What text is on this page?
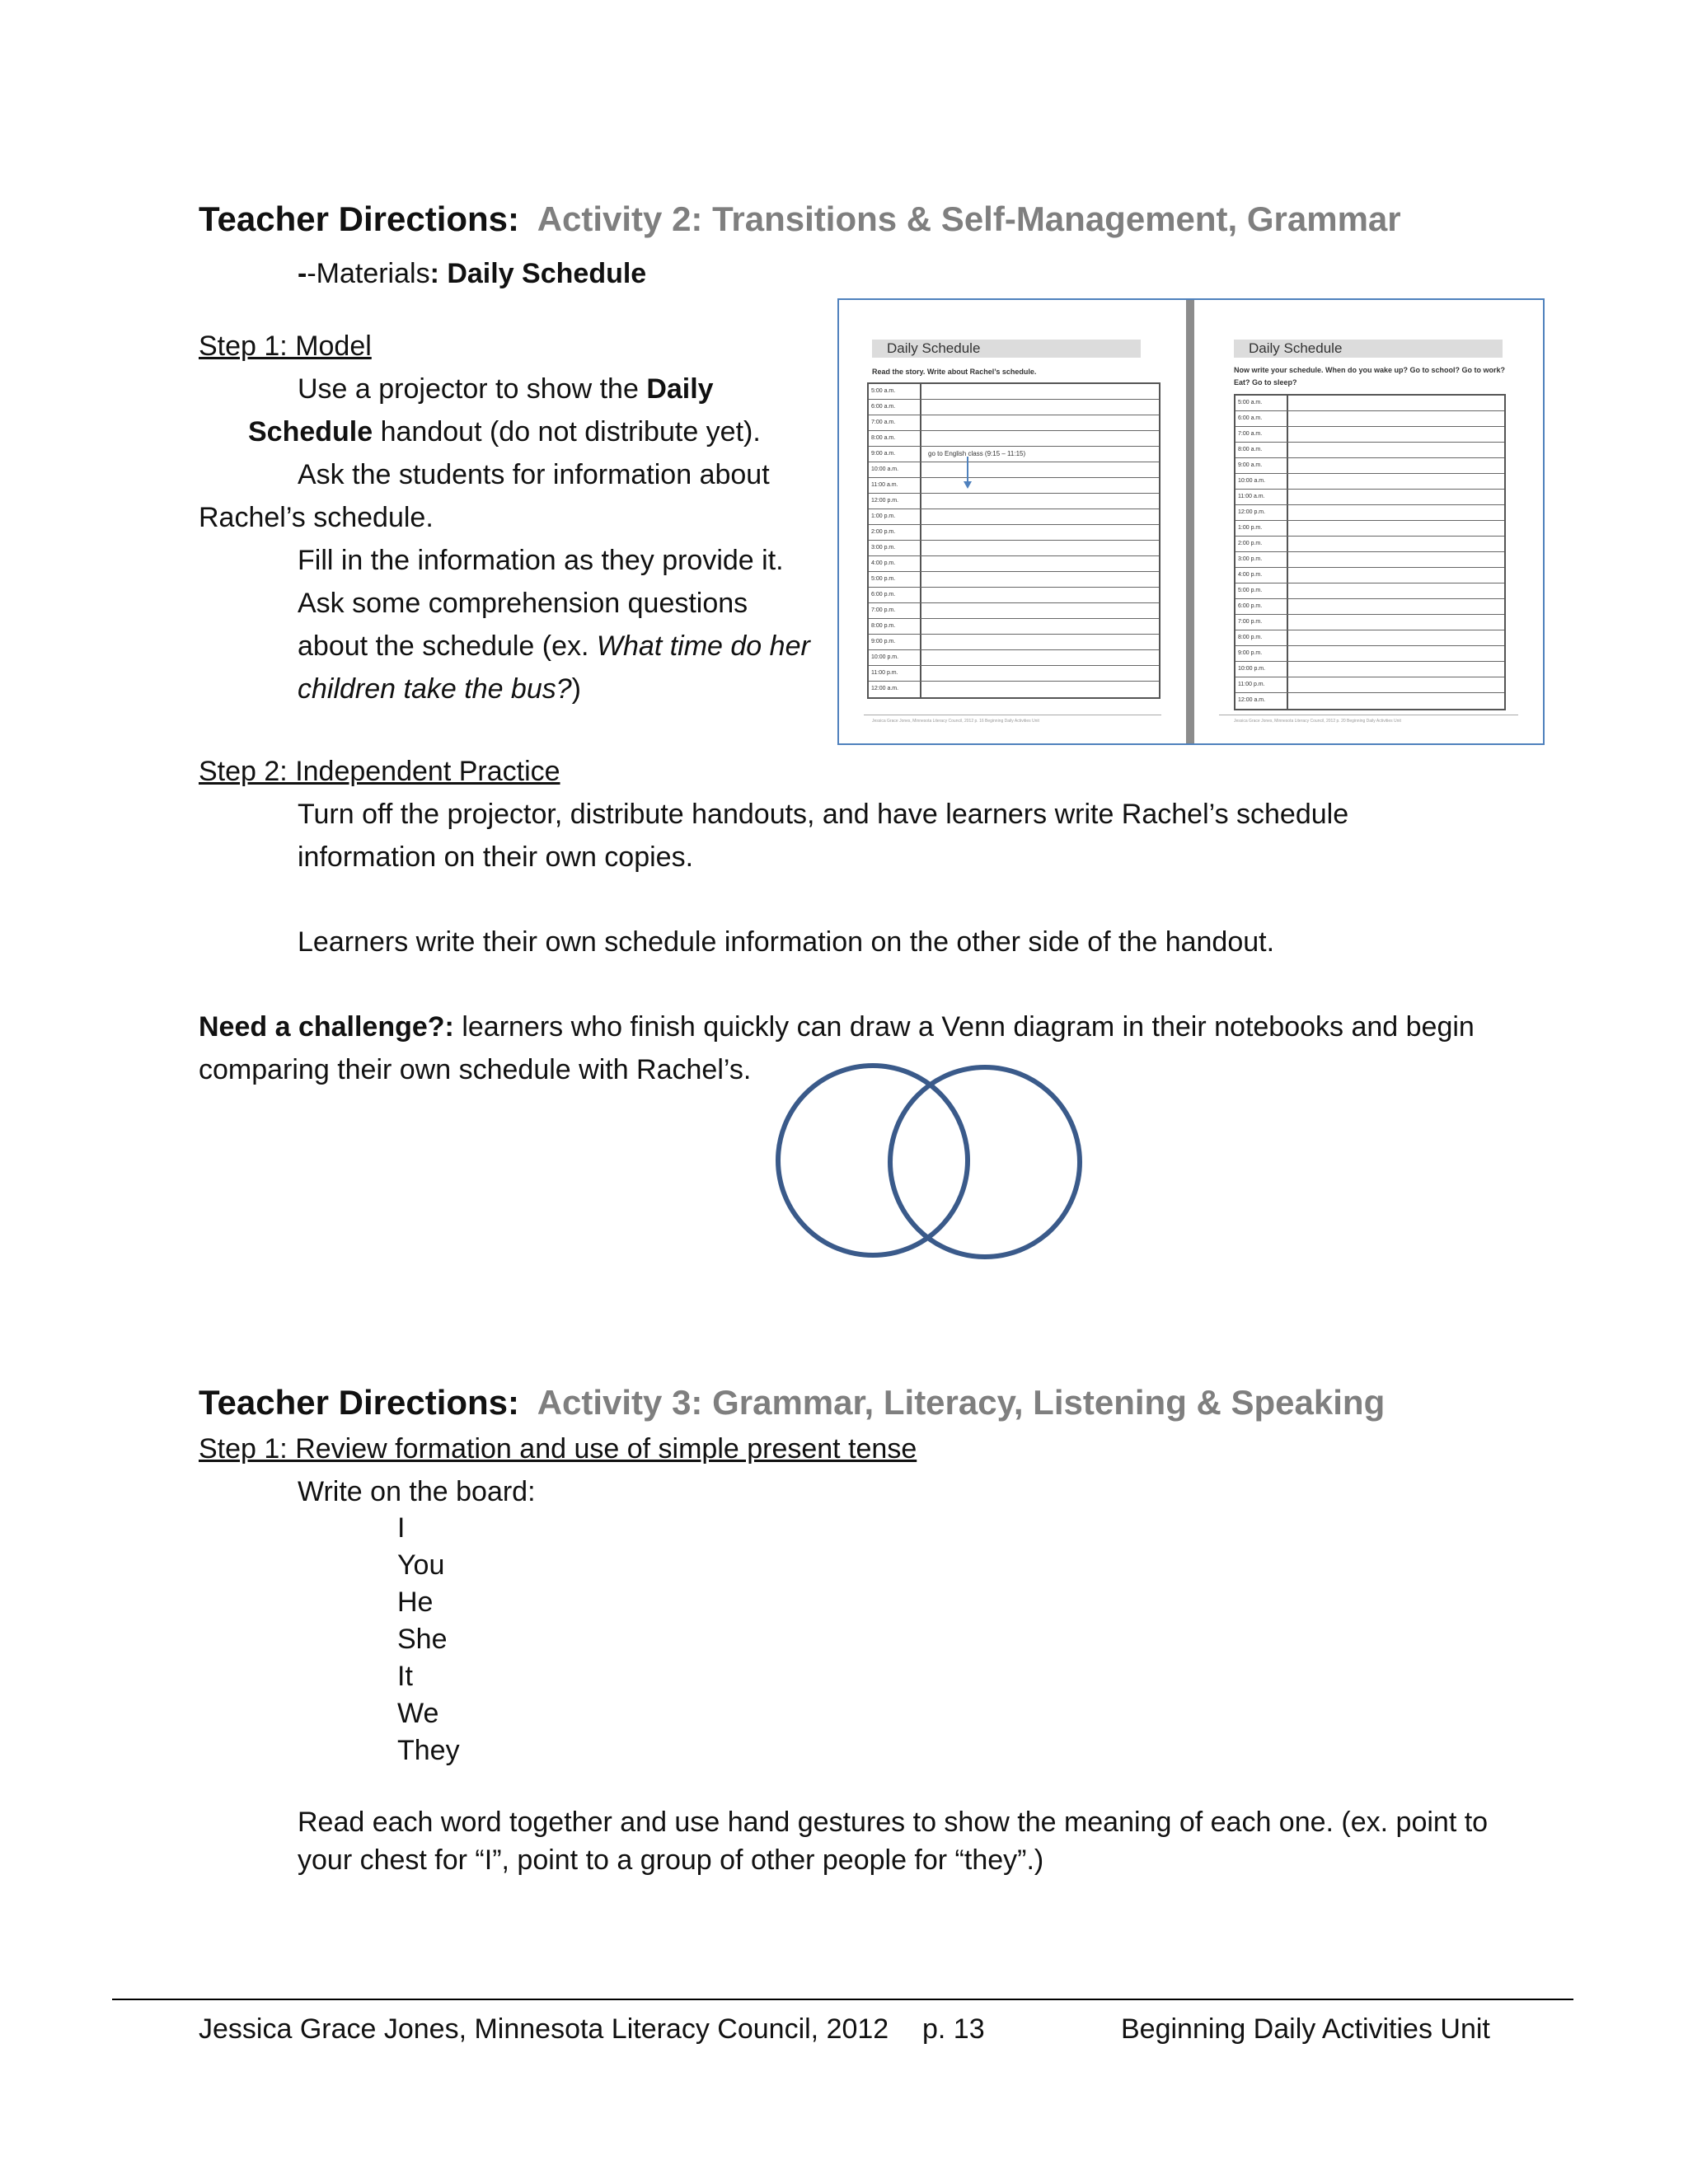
Teacher Directions: Activity 2: Transitions & Self-Management, Grammar
--Materials: Daily Schedule
Step 1: Model
Use a projector to show the Daily
Schedule handout (do not distribute yet).
Ask the students for information about
Rachel’s schedule.
Fill in the information as they provide it.
Ask some comprehension questions
about the schedule (ex. What time do her
children take the bus?)
Daily Schedule
Read the story. Write about Rachel’s schedule.
5:00 a.m.
6:00 a.m.
7:00 a.m.
8:00 a.m.
9:00 a.m.	go to English class (9:15 – 11:15)
10:00 a.m.
11:00 a.m.
12:00 p.m.
1:00 p.m.
2:00 p.m.
3:00 p.m.
4:00 p.m.
5:00 p.m.
6:00 p.m.
7:00 p.m.
8:00 p.m.
9:00 p.m.
10:00 p.m.
11:00 p.m.
12:00 a.m.
Jessica Grace Jones, Minnesota Literacy Council, 2012 p. 16 Beginning Daily Activities Unit
Daily Schedule
Now write your schedule. When do you wake up? Go to school? Go to work?
Eat? Go to sleep?
5:00 a.m.
6:00 a.m.
7:00 a.m.
8:00 a.m.
9:00 a.m.
10:00 a.m.
11:00 a.m.
12:00 p.m.
1:00 p.m.
2:00 p.m.
3:00 p.m.
4:00 p.m.
5:00 p.m.
6:00 p.m.
7:00 p.m.
8:00 p.m.
9:00 p.m.
10:00 p.m.
11:00 p.m.
12:00 a.m.
Jessica Grace Jones, Minnesota Literacy Council, 2012 p. 20 Beginning Daily Activities Unit
Step 2: Independent Practice
Turn off the projector, distribute handouts, and have learners write Rachel’s schedule
information on their own copies.
Learners write their own schedule information on the other side of the handout.
Need a challenge?: learners who finish quickly can draw a Venn diagram in their notebooks and begin
comparing their own schedule with Rachel’s.
Teacher Directions: Activity 3: Grammar, Literacy, Listening & Speaking
Step 1: Review formation and use of simple present tense
Write on the board:
I
You
He
She
It
We
They
Read each word together and use hand gestures to show the meaning of each one. (ex. point to
your chest for “I”, point to a group of other people for “they”.)
Jessica Grace Jones, Minnesota Literacy Council, 2012 p. 13	Beginning Daily Activities Unit
